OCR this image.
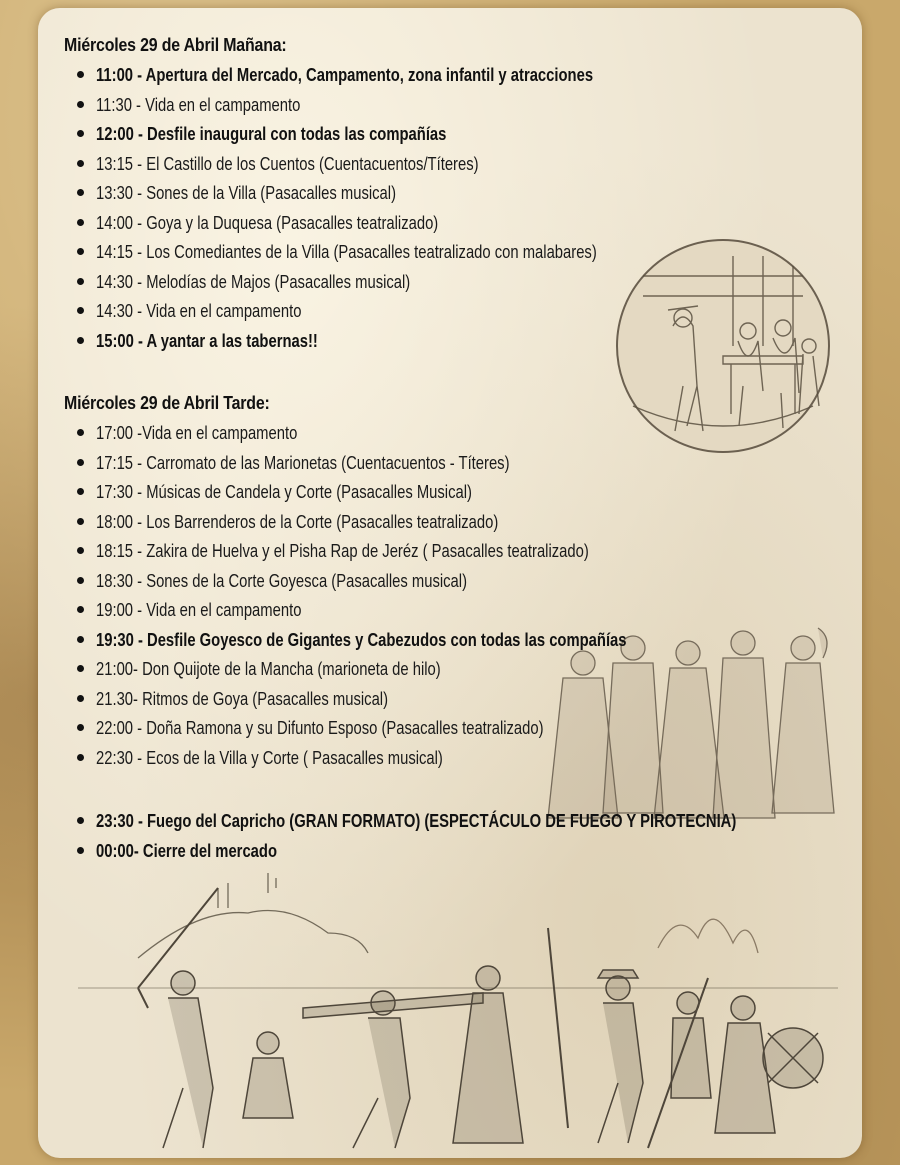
Miércoles 29 de Abril Mañana:
11:00 - Apertura del Mercado, Campamento, zona infantil y atracciones
11:30 - Vida en el campamento
12:00 - Desfile inaugural con todas las compañías
13:15 - El Castillo de los Cuentos (Cuentacuentos/Títeres)
13:30 - Sones de la Villa (Pasacalles musical)
14:00 - Goya y la Duquesa (Pasacalles teatralizado)
14:15 - Los Comediantes de la Villa (Pasacalles teatralizado con malabares)
14:30 - Melodías de Majos (Pasacalles musical)
14:30 - Vida en el campamento
15:00 - A yantar a las tabernas!!
Miércoles 29 de Abril Tarde:
17:00 -Vida en el campamento
17:15 - Carromato de las Marionetas (Cuentacuentos - Títeres)
17:30 - Músicas de Candela y Corte (Pasacalles Musical)
18:00 - Los Barrenderos de la Corte (Pasacalles teatralizado)
18:15 - Zakira de Huelva y el Pisha Rap de Jeréz ( Pasacalles teatralizado)
18:30 - Sones de la Corte Goyesca (Pasacalles musical)
19:00 - Vida en el campamento
19:30 - Desfile Goyesco de Gigantes y Cabezudos con todas las compañías
21:00- Don Quijote de la Mancha (marioneta de hilo)
21.30- Ritmos de Goya (Pasacalles musical)
22:00 - Doña Ramona y su Difunto Esposo (Pasacalles teatralizado)
22:30 - Ecos de la Villa y Corte ( Pasacalles musical)
23:30 - Fuego del Capricho (GRAN FORMATO) (ESPECTÁCULO DE FUEGO Y PIROTECNIA)
00:00- Cierre del mercado
